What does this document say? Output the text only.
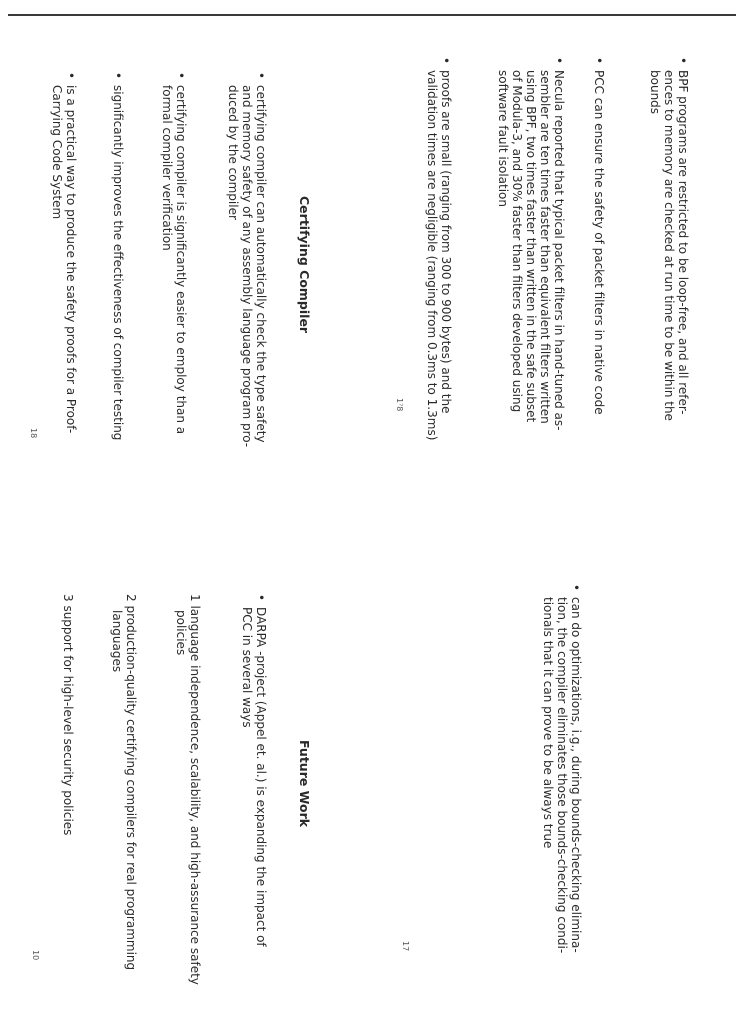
• BPF programs are restricted to be loop-free, and all refer-
ences to memory are checked at run time to be within the
bounds
• PCC can ensure the safety of packet filters in native code
• Necula reported that typical packet filters in hand-tuned as-
sembler are ten times faster than equivalent filters written
using BPF, two times faster than written in the safe subset
of Modula-3, and 30% faster than filters developed using
software fault isolation
• proofs are small (ranging from 300 to 900 bytes) and the
validation times are negligible (ranging from 0.3ms to 1.3ms)
• can do optimizations, i.g., during bounds-checking elimina-
tion, the compiler eliminates those bounds-checking condi-
tionals that it can prove to be always true
1⁷8
17
Certifying Compiler
• certifying compiler can automatically check the type safety
and memory safety of any assembly language program pro-
duced by the compiler
• certifying compiler is significantly easier to employ than a
formal compiler verification
• significantly improves the effectiveness of compiler testing
• is a practical way to produce the safety proofs for a Proof-
Carrying Code System
18
Future Work
• DARPA -project (Appel et. al.) is expanding the impact of
PCC in several ways
1 language independence, scalability, and high-assurance safety
policies
2 production-quality certifying compilers for real programming
languages
3 support for high-level security policies
10
